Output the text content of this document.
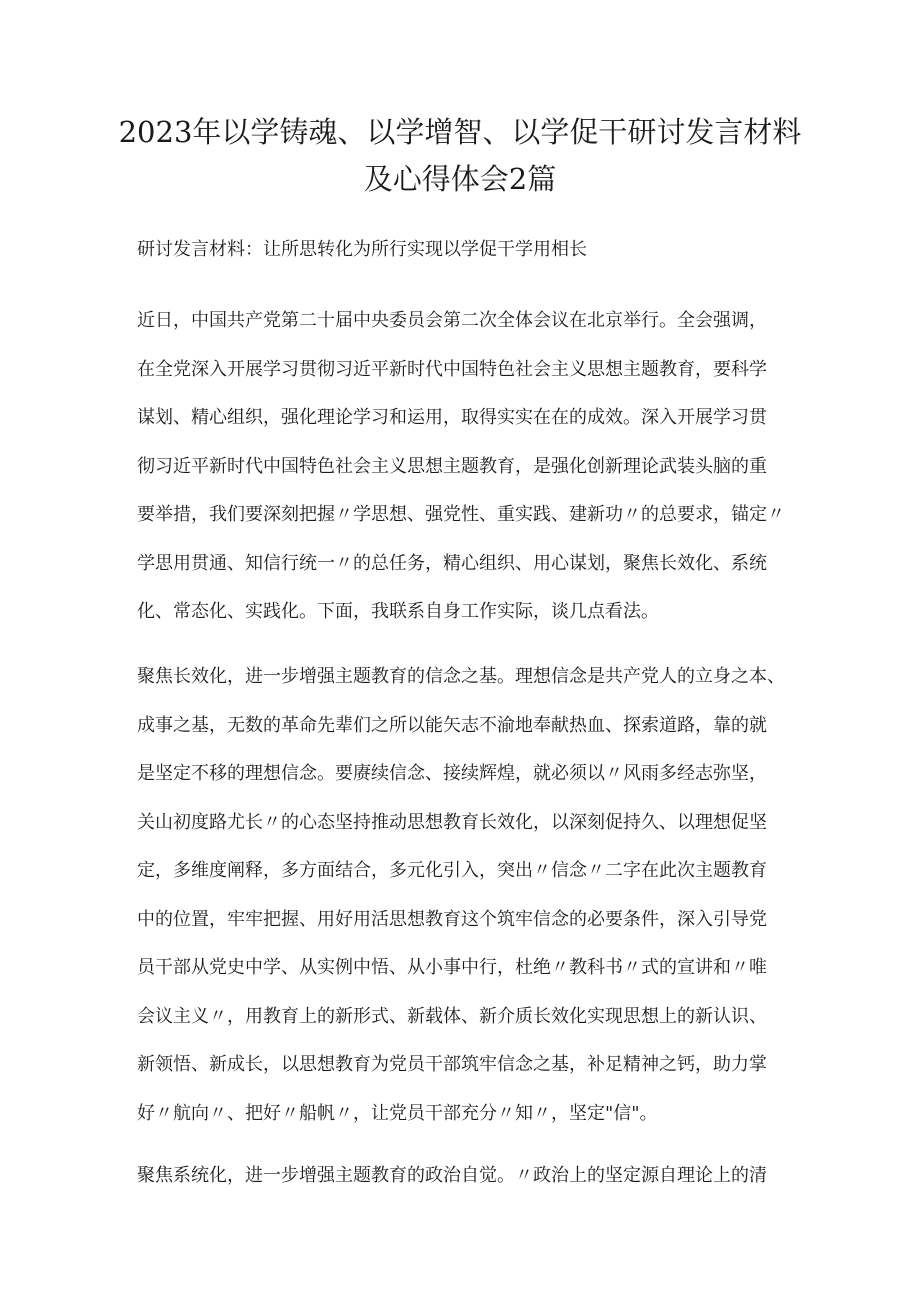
2023年以学铸魂、以学增智、以学促干研讨发言材料
及心得体会2篇

研讨发言材料：让所思转化为所行实现以学促干学用相长

近日，中国共产党第二十届中央委员会第二次全体会议在北京举行。全会强调，
在全党深入开展学习贯彻习近平新时代中国特色社会主义思想主题教育，要科学
谋划、精心组织，强化理论学习和运用，取得实实在在的成效。深入开展学习贯
彻习近平新时代中国特色社会主义思想主题教育，是强化创新理论武装头脑的重
要举措，我们要深刻把握〃学思想、强党性、重实践、建新功〃的总要求，锚定〃
学思用贯通、知信行统一〃的总任务，精心组织、用心谋划，聚焦长效化、系统
化、常态化、实践化。下面，我联系自身工作实际，谈几点看法。

聚焦长效化，进一步增强主题教育的信念之基。理想信念是共产党人的立身之本、
成事之基，无数的革命先辈们之所以能矢志不渝地奉献热血、探索道路，靠的就
是坚定不移的理想信念。要赓续信念、接续辉煌，就必须以〃风雨多经志弥坚，
关山初度路尤长〃的心态坚持推动思想教育长效化，以深刻促持久、以理想促坚
定，多维度阐释，多方面结合，多元化引入，突出〃信念〃二字在此次主题教育
中的位置，牢牢把握、用好用活思想教育这个筑牢信念的必要条件，深入引导党
员干部从党史中学、从实例中悟、从小事中行，杜绝〃教科书〃式的宣讲和〃唯
会议主义〃，用教育上的新形式、新载体、新介质长效化实现思想上的新认识、
新领悟、新成长，以思想教育为党员干部筑牢信念之基，补足精神之钙，助力掌
好〃航向〃、把好〃船帆〃，让党员干部充分〃知〃，坚定"信"。

聚焦系统化，进一步增强主题教育的政治自觉。〃政治上的坚定源自理论上的清
